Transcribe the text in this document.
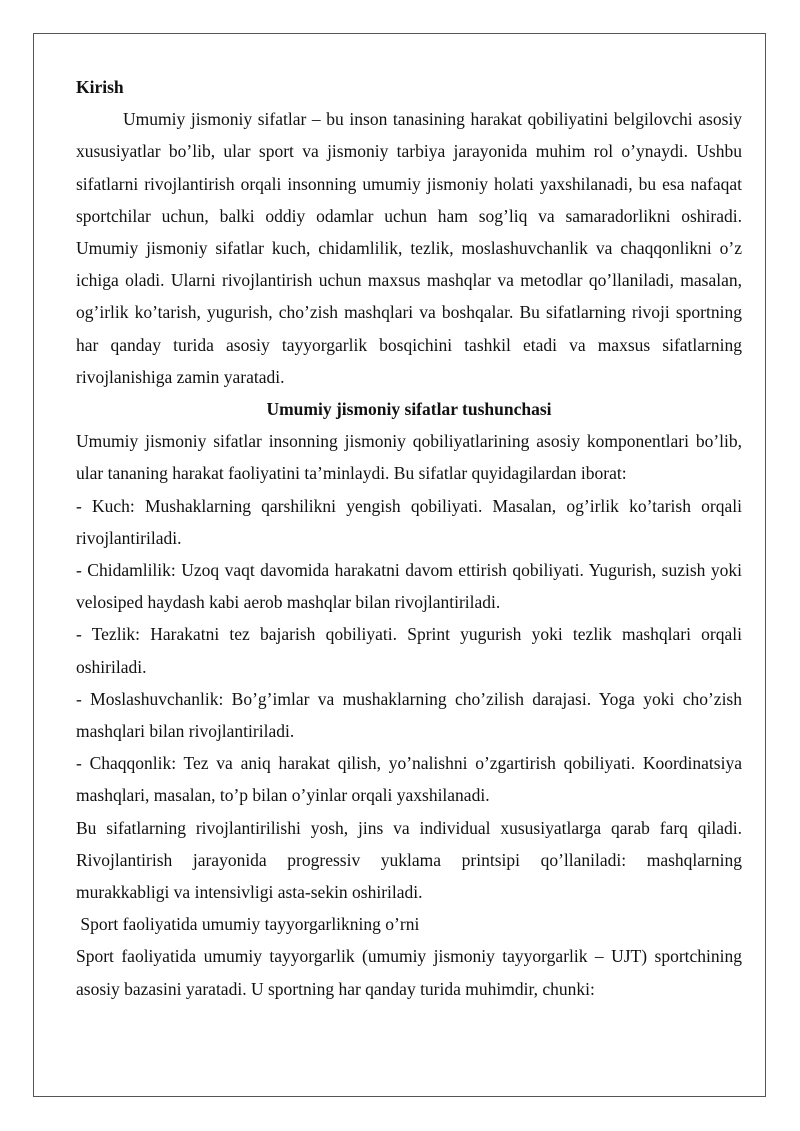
Kirish

Umumiy jismoniy sifatlar – bu inson tanasining harakat qobiliyatini belgilovchi asosiy xususiyatlar bo’lib, ular sport va jismoniy tarbiya jarayonida muhim rol o’ynaydi. Ushbu sifatlarni rivojlantirish orqali insonning umumiy jismoniy holati yaxshilanadi, bu esa nafaqat sportchilar uchun, balki oddiy odamlar uchun ham sog’liq va samaradorlikni oshiradi. Umumiy jismoniy sifatlar kuch, chidamlilik, tezlik, moslashuvchanlik va chaqqonlikni o’z ichiga oladi. Ularni rivojlantirish uchun maxsus mashqlar va metodlar qo’llaniladi, masalan, og’irlik ko’tarish, yugurish, cho’zish mashqlari va boshqalar. Bu sifatlarning rivoji sportning har qanday turida asosiy tayyorgarlik bosqichini tashkil etadi va maxsus sifatlarning rivojlanishiga zamin yaratadi.

Umumiy jismoniy sifatlar tushunchasi

Umumiy jismoniy sifatlar insonning jismoniy qobiliyatlarining asosiy komponentlari bo’lib, ular tananing harakat faoliyatini ta’minlaydi. Bu sifatlar quyidagilardan iborat:

- Kuch: Mushaklarning qarshilikni yengish qobiliyati. Masalan, og’irlik ko’tarish orqali rivojlantiriladi.

- Chidamlilik: Uzoq vaqt davomida harakatni davom ettirish qobiliyati. Yugurish, suzish yoki velosiped haydash kabi aerob mashqlar bilan rivojlantiriladi.

- Tezlik: Harakatni tez bajarish qobiliyati. Sprint yugurish yoki tezlik mashqlari orqali oshiriladi.

- Moslashuvchanlik: Bo’g’imlar va mushaklarning cho’zilish darajasi. Yoga yoki cho’zish mashqlari bilan rivojlantiriladi.

- Chaqqonlik: Tez va aniq harakat qilish, yo’nalishni o’zgartirish qobiliyati. Koordinatsiya mashqlari, masalan, to’p bilan o’yinlar orqali yaxshilanadi.

Bu sifatlarning rivojlantirilishi yosh, jins va individual xususiyatlarga qarab farq qiladi. Rivojlantirish jarayonida progressiv yuklama printsipi qo’llaniladi: mashqlarning murakkabligi va intensivligi asta-sekin oshiriladi.

Sport faoliyatida umumiy tayyorgarlikning o’rni

Sport faoliyatida umumiy tayyorgarlik (umumiy jismoniy tayyorgarlik – UJT) sportchining asosiy bazasini yaratadi. U sportning har qanday turida muhimdir, chunki:
